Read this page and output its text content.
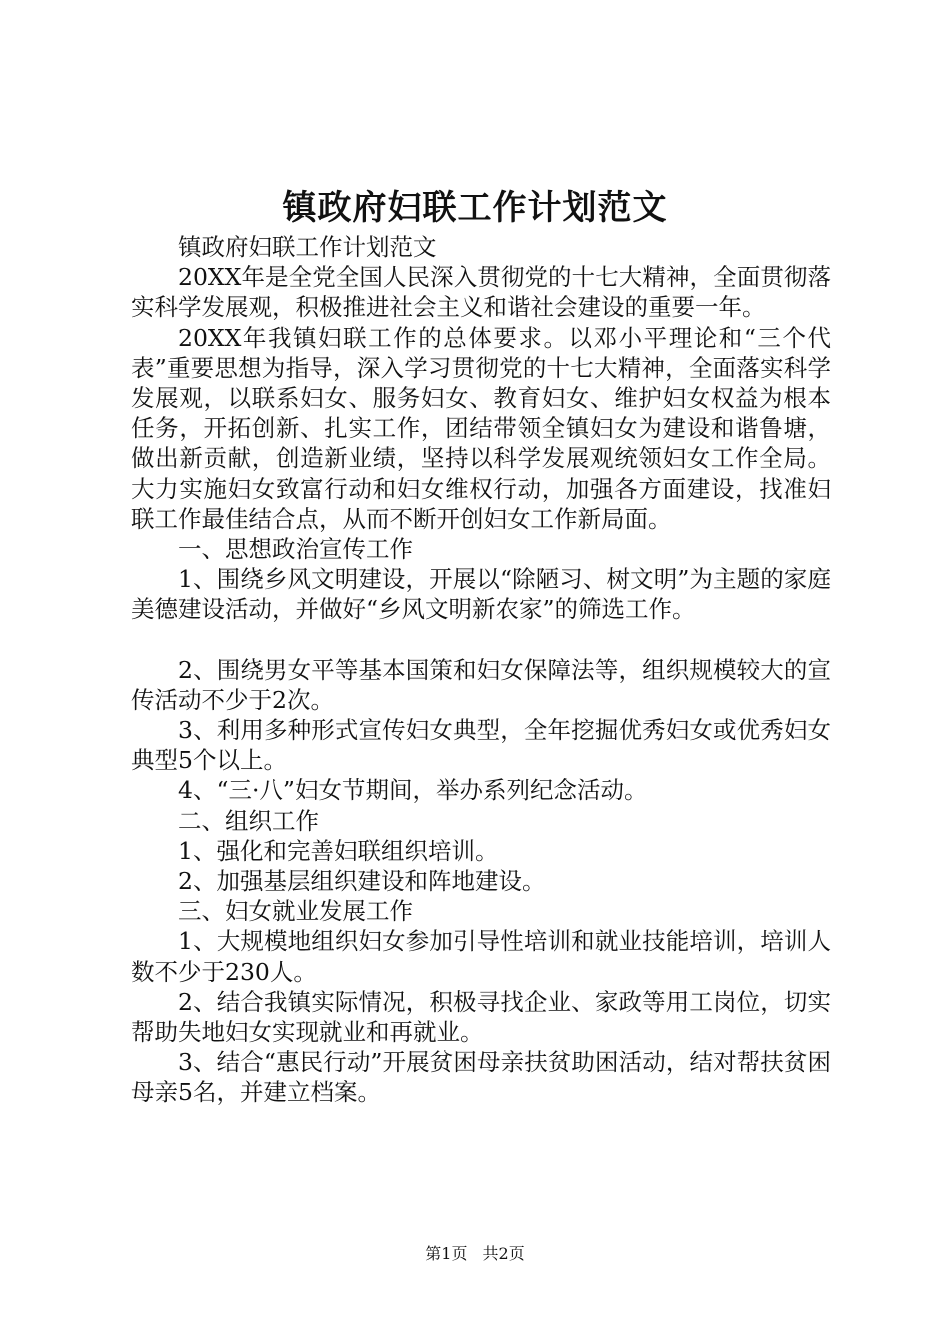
镇政府妇联工作计划范文

镇政府妇联工作计划范文

20XX年是全党全国人民深入贯彻党的十七大精神，全面贯彻落实科学发展观，积极推进社会主义和谐社会建设的重要一年。

20XX年我镇妇联工作的总体要求。以邓小平理论和“三个代表”重要思想为指导，深入学习贯彻党的十七大精神，全面落实科学发展观，以联系妇女、服务妇女、教育妇女、维护妇女权益为根本任务，开拓创新、扎实工作，团结带领全镇妇女为建设和谐鲁塘，做出新贡献，创造新业绩，坚持以科学发展观统领妇女工作全局。大力实施妇女致富行动和妇女维权行动，加强各方面建设，找准妇联工作最佳结合点，从而不断开创妇女工作新局面。

一、思想政治宣传工作

1、围绕乡风文明建设，开展以“除陋习、树文明”为主题的家庭美德建设活动，并做好“乡风文明新农家”的筛选工作。

2、围绕男女平等基本国策和妇女保障法等，组织规模较大的宣传活动不少于2次。

3、利用多种形式宣传妇女典型，全年挖掘优秀妇女或优秀妇女典型5个以上。

4、“三·八”妇女节期间，举办系列纪念活动。

二、组织工作

1、强化和完善妇联组织培训。

2、加强基层组织建设和阵地建设。

三、妇女就业发展工作

1、大规模地组织妇女参加引导性培训和就业技能培训，培训人数不少于230人。

2、结合我镇实际情况，积极寻找企业、家政等用工岗位，切实帮助失地妇女实现就业和再就业。

3、结合“惠民行动”开展贫困母亲扶贫助困活动，结对帮扶贫困母亲5名，并建立档案。

第1页 共2页
